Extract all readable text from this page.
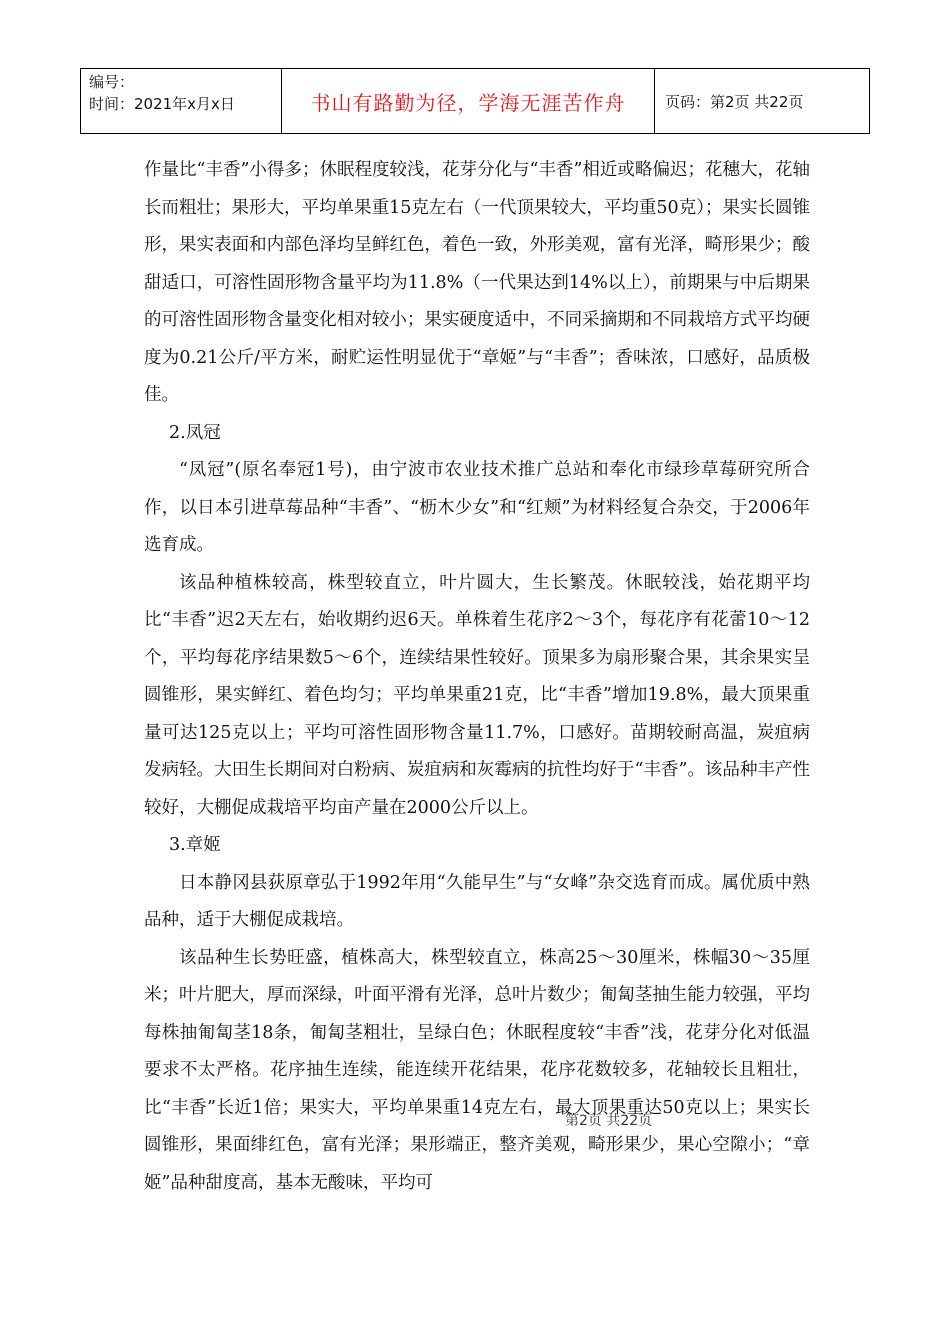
编号：
时间：2021年x月x日	书山有路勤为径，学海无涯苦作舟	页码：第2页 共22页

作量比“丰香”小得多；休眠程度较浅，花芽分化与“丰香”相近或略偏迟；花穗大，花轴长而粗壮；果形大，平均单果重15克左右（一代顶果较大，平均重50克）；果实长圆锥形，果实表面和内部色泽均呈鲜红色，着色一致，外形美观，富有光泽，畸形果少；酸甜适口，可溶性固形物含量平均为11.8%（一代果达到14%以上），前期果与中后期果的可溶性固形物含量变化相对较小；果实硬度适中，不同采摘期和不同栽培方式平均硬度为0.21公斤/平方米，耐贮运性明显优于“章姬”与“丰香”；香味浓，口感好，品质极佳。

2.凤冠

“凤冠”(原名奉冠1号)，由宁波市农业技术推广总站和奉化市绿珍草莓研究所合作，以日本引进草莓品种“丰香”、“枥木少女”和“红颊”为材料经复合杂交，于2006年选育成。

该品种植株较高，株型较直立，叶片圆大，生长繁茂。休眠较浅，始花期平均比“丰香”迟2天左右，始收期约迟6天。单株着生花序2～3个，每花序有花蕾10～12个，平均每花序结果数5～6个，连续结果性较好。顶果多为扇形聚合果，其余果实呈圆锥形，果实鲜红、着色均匀；平均单果重21克，比“丰香”增加19.8%，最大顶果重量可达125克以上；平均可溶性固形物含量11.7%，口感好。苗期较耐高温，炭疽病发病轻。大田生长期间对白粉病、炭疽病和灰霉病的抗性均好于“丰香”。该品种丰产性较好，大棚促成栽培平均亩产量在2000公斤以上。

3.章姬

日本静冈县荻原章弘于1992年用“久能早生”与“女峰”杂交选育而成。属优质中熟品种，适于大棚促成栽培。

该品种生长势旺盛，植株高大，株型较直立，株高25～30厘米，株幅30～35厘米；叶片肥大，厚而深绿，叶面平滑有光泽，总叶片数少；匍匐茎抽生能力较强，平均每株抽匍匐茎18条，匍匐茎粗壮，呈绿白色；休眠程度较“丰香”浅，花芽分化对低温要求不太严格。花序抽生连续，能连续开花结果，花序花数较多，花轴较长且粗壮，比“丰香”长近1倍；果实大，平均单果重14克左右，最大顶果重达50克以上；果实长圆锥形，果面绯红色，富有光泽；果形端正，整齐美观，畸形果少，果心空隙小；“章姬”品种甜度高，基本无酸味，平均可

第2页 共22页
